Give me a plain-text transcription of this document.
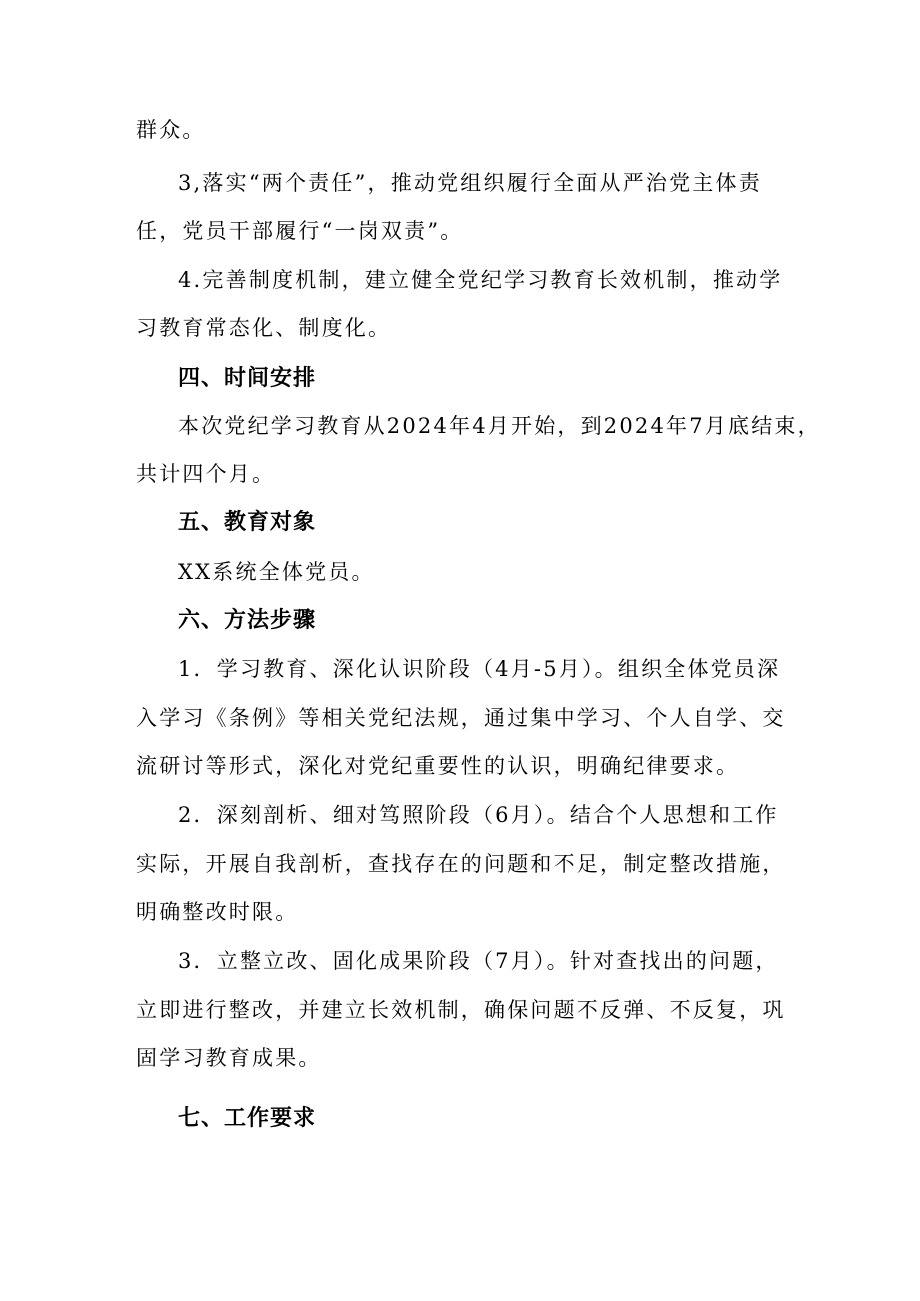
群众。
3,落实“两个责任”，推动党组织履行全面从严治党主体责
任，党员干部履行“一岗双责”。
4.完善制度机制，建立健全党纪学习教育长效机制，推动学
习教育常态化、制度化。
四、时间安排
本次党纪学习教育从2024年4月开始，到2024年7月底结束，
共计四个月。
五、教育对象
XX系统全体党员。
六、方法步骤
1．学习教育、深化认识阶段（4月-5月）。组织全体党员深
入学习《条例》等相关党纪法规，通过集中学习、个人自学、交
流研讨等形式，深化对党纪重要性的认识，明确纪律要求。
2．深刻剖析、细对笃照阶段（6月）。结合个人思想和工作
实际，开展自我剖析，查找存在的问题和不足，制定整改措施，
明确整改时限。
3．立整立改、固化成果阶段（7月）。针对查找出的问题，
立即进行整改，并建立长效机制，确保问题不反弹、不反复，巩
固学习教育成果。
七、工作要求
